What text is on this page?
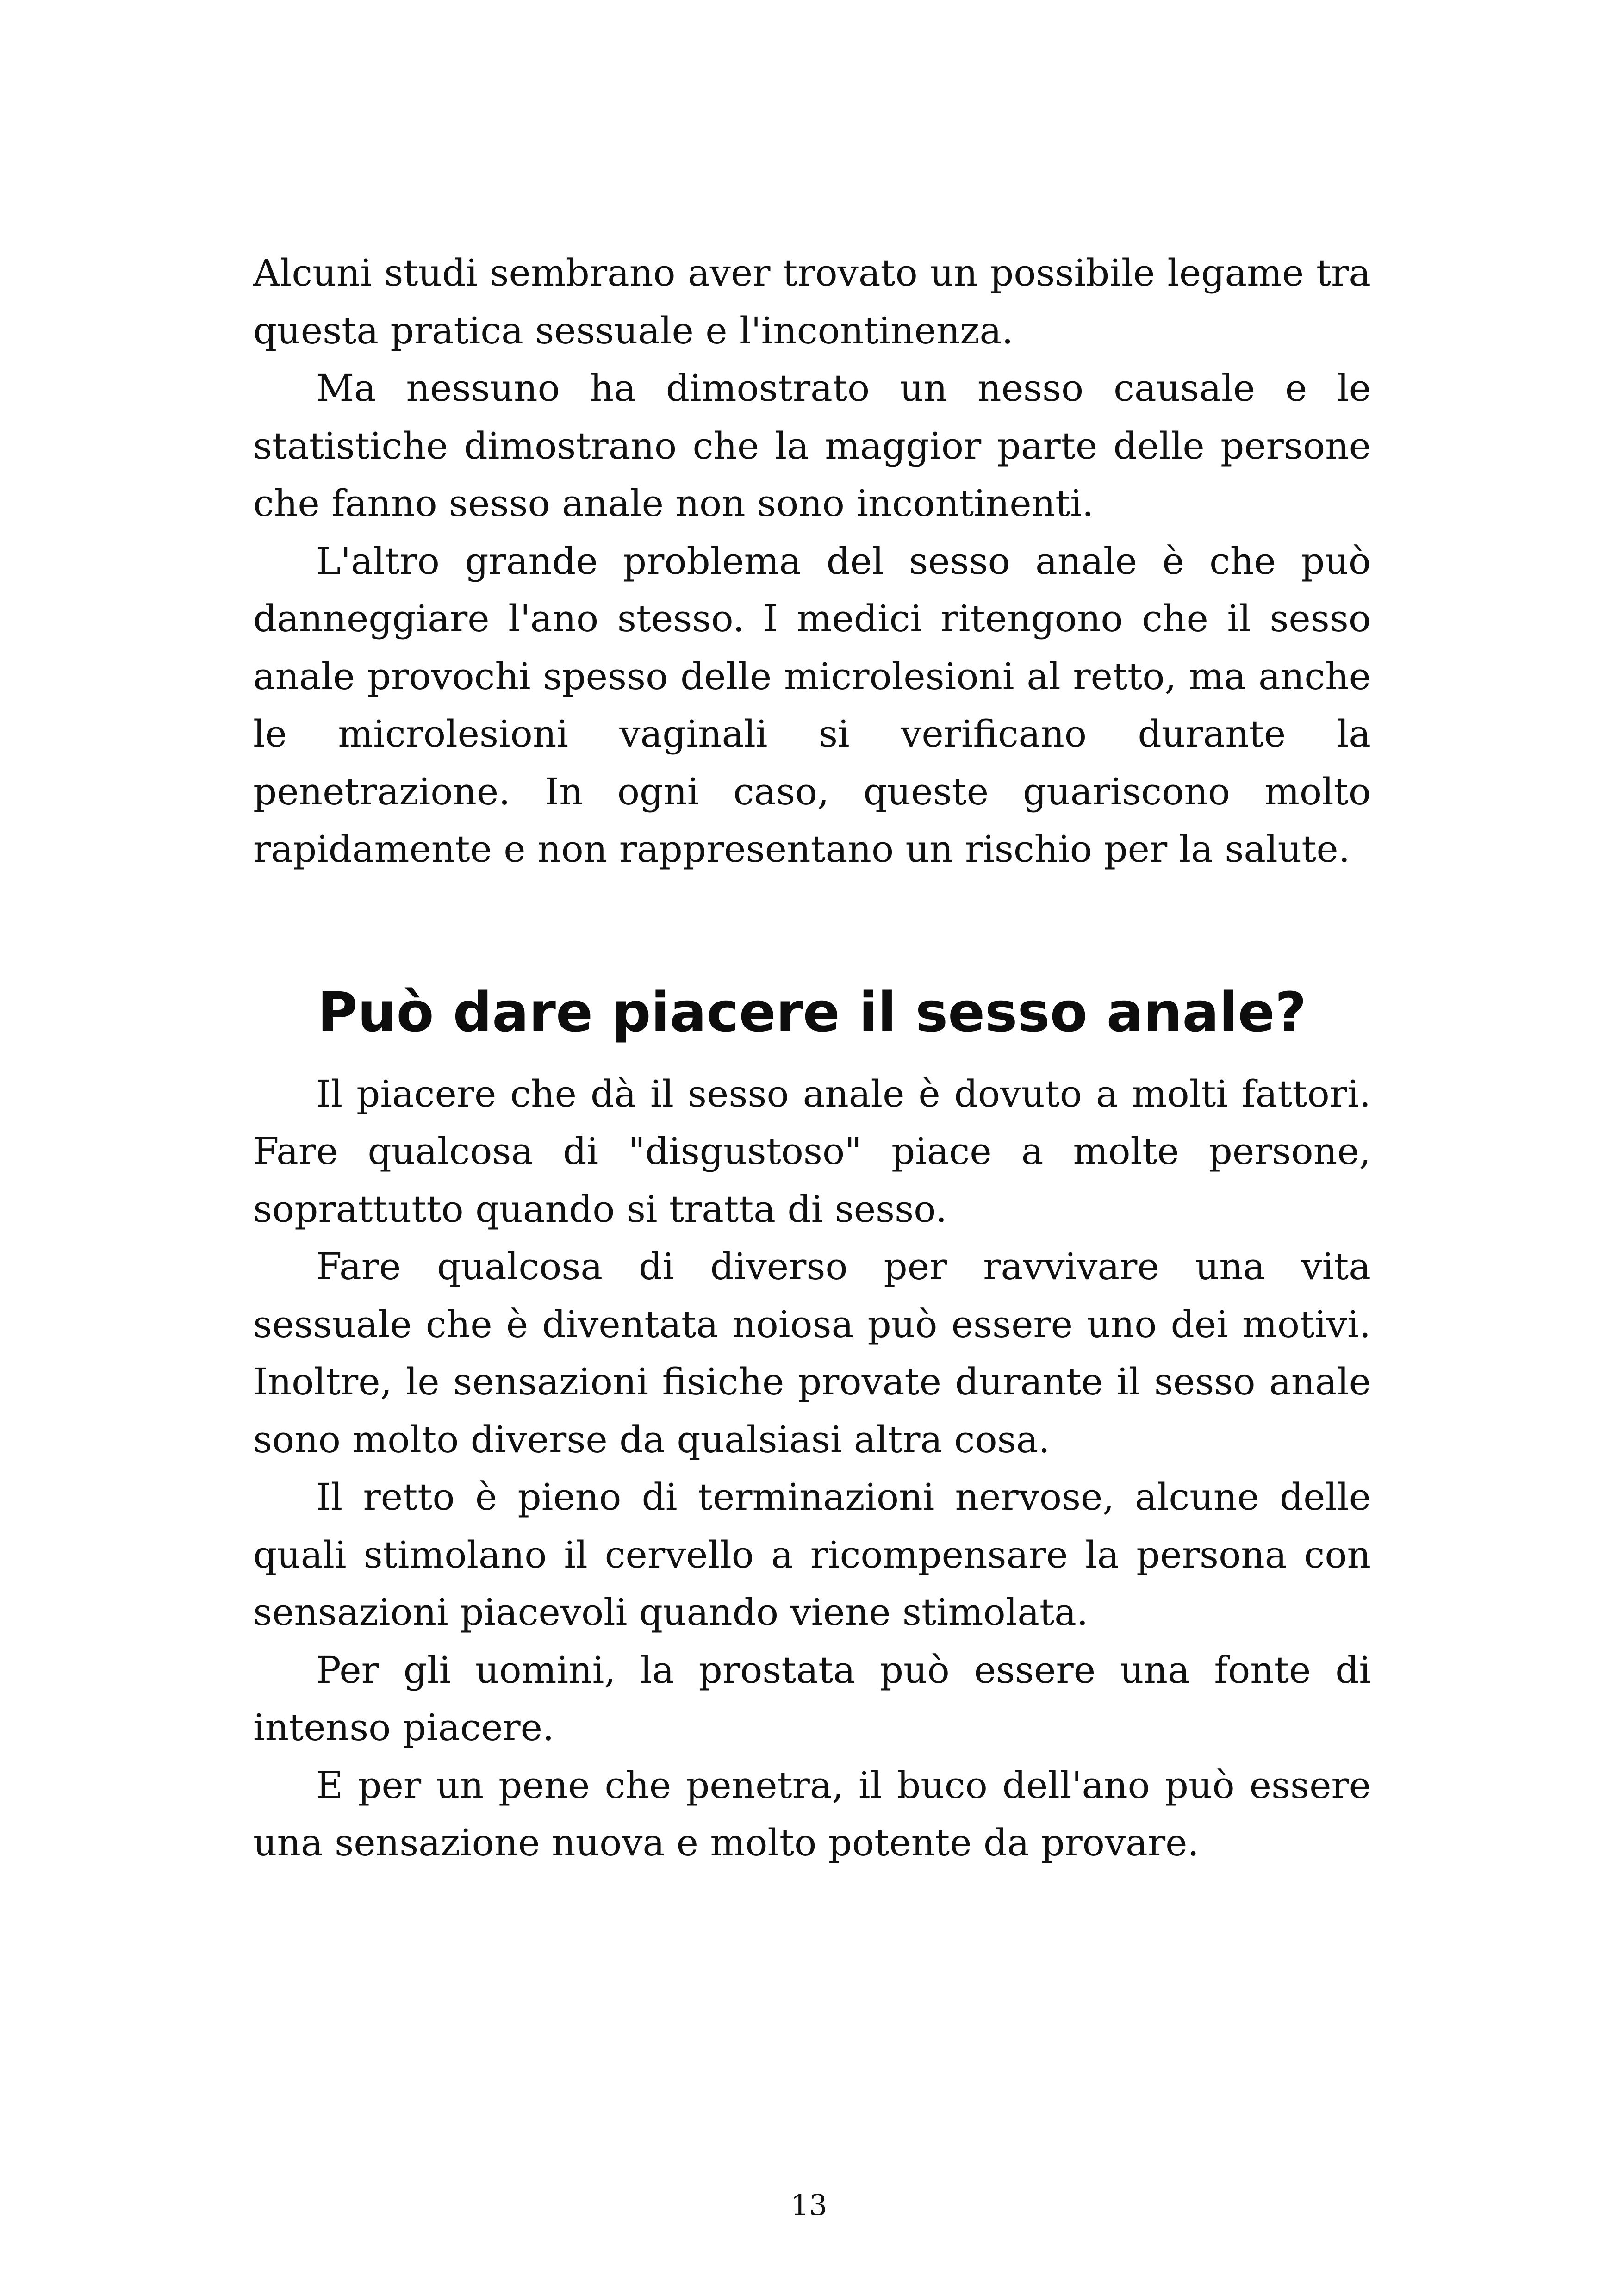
Alcuni studi sembrano aver trovato un possibile legame tra questa pratica sessuale e l'incontinenza.

Ma nessuno ha dimostrato un nesso causale e le statistiche dimostrano che la maggior parte delle persone che fanno sesso anale non sono incontinenti.

L'altro grande problema del sesso anale è che può danneggiare l'ano stesso. I medici ritengono che il sesso anale provochi spesso delle microlesioni al retto, ma anche le microlesioni vaginali si verificano durante la penetrazione. In ogni caso, queste guariscono molto rapidamente e non rappresentano un rischio per la salute.

Può dare piacere il sesso anale?

Il piacere che dà il sesso anale è dovuto a molti fattori. Fare qualcosa di "disgustoso" piace a molte persone, soprattutto quando si tratta di sesso.

Fare qualcosa di diverso per ravvivare una vita sessuale che è diventata noiosa può essere uno dei motivi. Inoltre, le sensazioni fisiche provate durante il sesso anale sono molto diverse da qualsiasi altra cosa.

Il retto è pieno di terminazioni nervose, alcune delle quali stimolano il cervello a ricompensare la persona con sensazioni piacevoli quando viene stimolata.

Per gli uomini, la prostata può essere una fonte di intenso piacere.

E per un pene che penetra, il buco dell'ano può essere una sensazione nuova e molto potente da provare.

13
